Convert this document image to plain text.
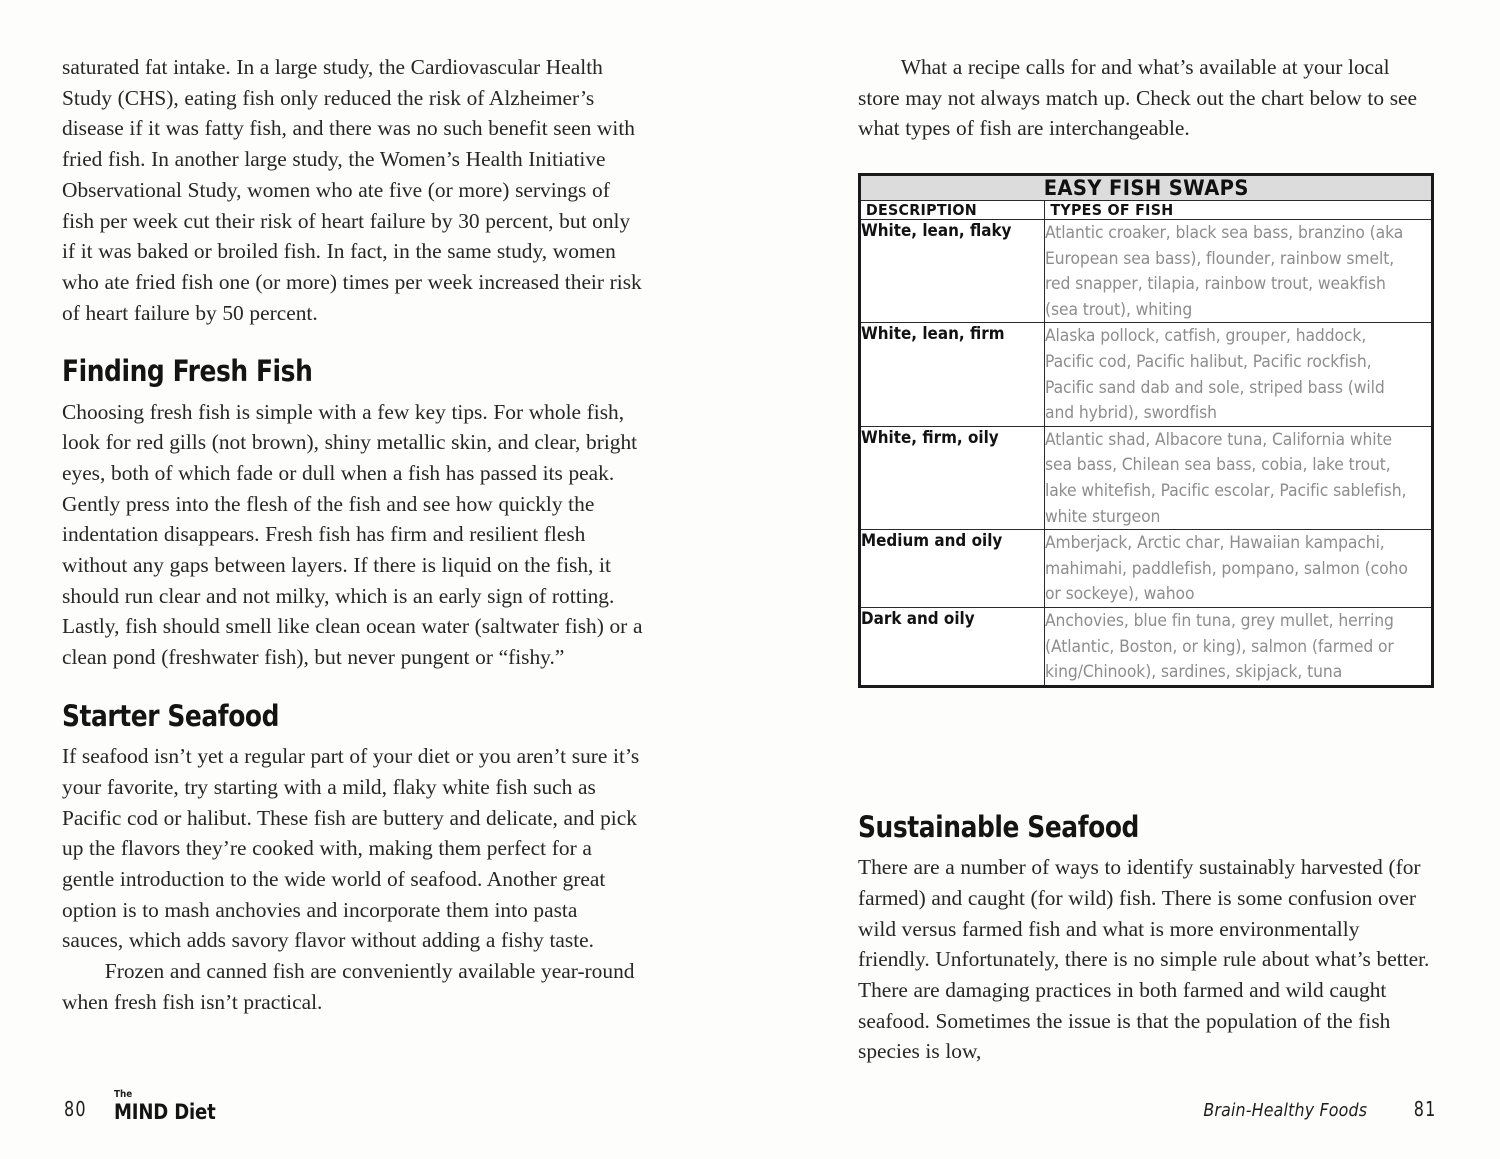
saturated fat intake. In a large study, the Cardiovascular Health Study (CHS), eating fish only reduced the risk of Alzheimer’s disease if it was fatty fish, and there was no such benefit seen with fried fish. In another large study, the Women’s Health Initiative Observational Study, women who ate five (or more) servings of fish per week cut their risk of heart failure by 30 percent, but only if it was baked or broiled fish. In fact, in the same study, women who ate fried fish one (or more) times per week increased their risk of heart failure by 50 percent.

Finding Fresh Fish

Choosing fresh fish is simple with a few key tips. For whole fish, look for red gills (not brown), shiny metallic skin, and clear, bright eyes, both of which fade or dull when a fish has passed its peak. Gently press into the flesh of the fish and see how quickly the indentation disappears. Fresh fish has firm and resilient flesh without any gaps between layers. If there is liquid on the fish, it should run clear and not milky, which is an early sign of rotting. Lastly, fish should smell like clean ocean water (saltwater fish) or a clean pond (freshwater fish), but never pungent or “fishy.”

Starter Seafood

If seafood isn’t yet a regular part of your diet or you aren’t sure it’s your favorite, try starting with a mild, flaky white fish such as Pacific cod or halibut. These fish are buttery and delicate, and pick up the flavors they’re cooked with, making them perfect for a gentle introduction to the wide world of seafood. Another great option is to mash anchovies and incorporate them into pasta sauces, which adds savory flavor without adding a fishy taste.

Frozen and canned fish are conveniently available year-round when fresh fish isn’t practical.

What a recipe calls for and what’s available at your local store may not always match up. Check out the chart below to see what types of fish are interchangeable.

EASY FISH SWAPS	
DESCRIPTION	TYPES OF FISH
White, lean, flaky	Atlantic croaker, black sea bass, branzino (aka European sea bass), flounder, rainbow smelt, red snapper, tilapia, rainbow trout, weakfish (sea trout), whiting

White, lean, firm	Alaska pollock, catfish, grouper, haddock, Pacific cod, Pacific halibut, Pacific rockfish, Pacific sand dab and sole, striped bass (wild and hybrid), swordfish

White, firm, oily	Atlantic shad, Albacore tuna, California white sea bass, Chilean sea bass, cobia, lake trout, lake whitefish, Pacific escolar, Pacific sablefish, white sturgeon

Medium and oily	Amberjack, Arctic char, Hawaiian kampachi, mahimahi, paddlefish, pompano, salmon (coho or sockeye), wahoo

Dark and oily	Anchovies, blue fin tuna, grey mullet, herring (Atlantic, Boston, or king), salmon (farmed or king/Chinook), sardines, skipjack, tuna
Sustainable Seafood

There are a number of ways to identify sustainably harvested (for farmed) and caught (for wild) fish. There is some confusion over wild versus farmed fish and what is more environmentally friendly. Unfortunately, there is no simple rule about what’s better. There are damaging practices in both farmed and wild caught seafood. Sometimes the issue is that the population of the fish species is low,

80
The
MIND Diet	Brain-Healthy Foods 81
